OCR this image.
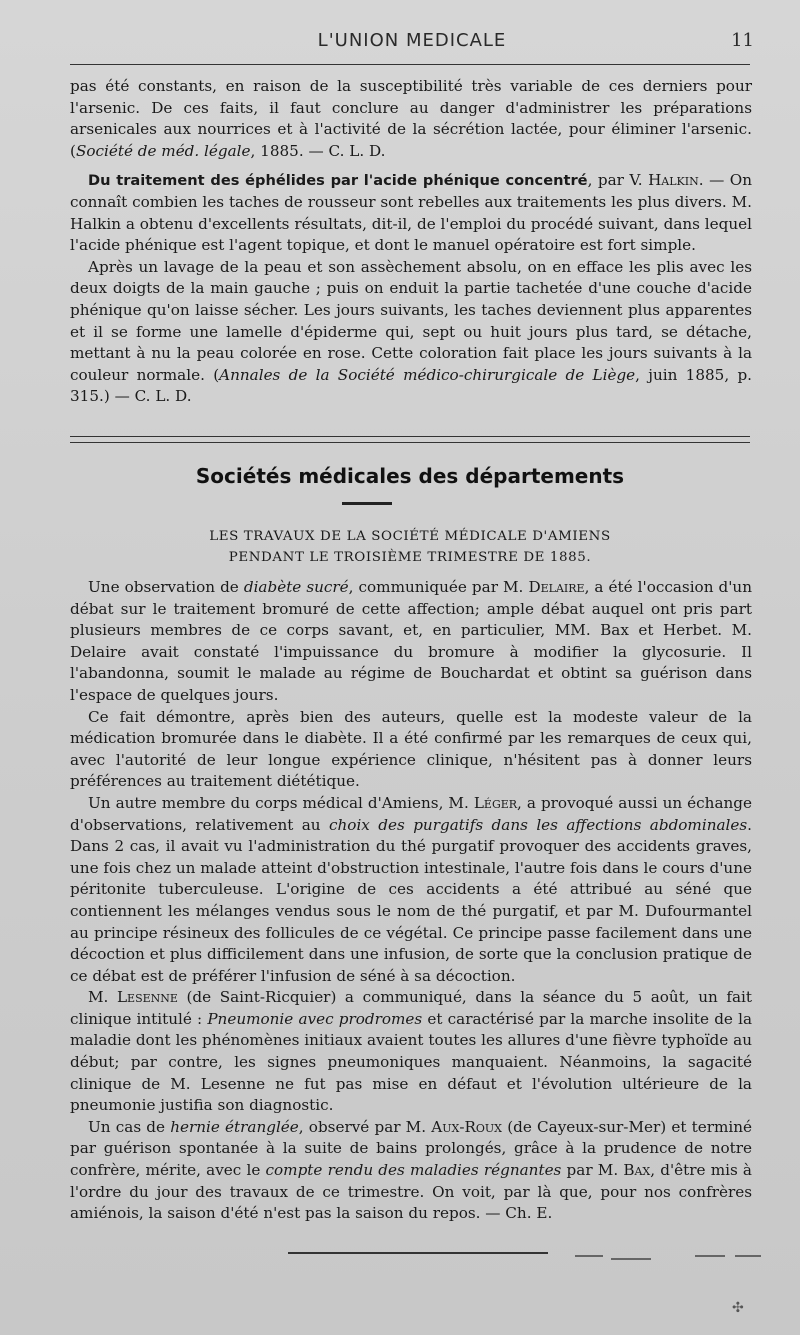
L'UNION MEDICALE	11

pas été constants, en raison de la susceptibilité très variable de ces derniers pour l'arsenic. De ces faits, il faut conclure au danger d'administrer les préparations arsenicales aux nourrices et à l'activité de la sécrétion lactée, pour éliminer l'arsenic. (Société de méd. légale, 1885. — C. L. D.

Du traitement des éphélides par l'acide phénique concentré, par V. Halkin. — On connaît combien les taches de rousseur sont rebelles aux traitements les plus divers. M. Halkin a obtenu d'excellents résultats, dit-il, de l'emploi du procédé suivant, dans lequel l'acide phénique est l'agent topique, et dont le manuel opératoire est fort simple.

Après un lavage de la peau et son assèchement absolu, on en efface les plis avec les deux doigts de la main gauche ; puis on enduit la partie tachetée d'une couche d'acide phénique qu'on laisse sécher. Les jours suivants, les taches deviennent plus apparentes et il se forme une lamelle d'épiderme qui, sept ou huit jours plus tard, se détache, mettant à nu la peau colorée en rose. Cette coloration fait place les jours suivants à la couleur normale. (Annales de la Société médico-chirurgicale de Liège, juin 1885, p. 315.) — C. L. D.

Sociétés médicales des départements
LES TRAVAUX DE LA SOCIÉTÉ MÉDICALE D'AMIENS
PENDANT LE TROISIÈME TRIMESTRE DE 1885.

Une observation de diabète sucré, communiquée par M. Delaire, a été l'occasion d'un débat sur le traitement bromuré de cette affection; ample débat auquel ont pris part plusieurs membres de ce corps savant, et, en particulier, MM. Bax et Herbet. M. Delaire avait constaté l'impuissance du bromure à modifier la glycosurie. Il l'abandonna, soumit le malade au régime de Bouchardat et obtint sa guérison dans l'espace de quelques jours.

Ce fait démontre, après bien des auteurs, quelle est la modeste valeur de la médication bromurée dans le diabète. Il a été confirmé par les remarques de ceux qui, avec l'autorité de leur longue expérience clinique, n'hésitent pas à donner leurs préférences au traitement diététique.

Un autre membre du corps médical d'Amiens, M. Léger, a provoqué aussi un échange d'observations, relativement au choix des purgatifs dans les affections abdominales. Dans 2 cas, il avait vu l'administration du thé purgatif provoquer des accidents graves, une fois chez un malade atteint d'obstruction intestinale, l'autre fois dans le cours d'une péritonite tuberculeuse. L'origine de ces accidents a été attribué au séné que contiennent les mélanges vendus sous le nom de thé purgatif, et par M. Dufourmantel au principe résineux des follicules de ce végétal. Ce principe passe facilement dans une décoction et plus difficilement dans une infusion, de sorte que la conclusion pratique de ce débat est de préférer l'infusion de séné à sa décoction.

M. Lesenne (de Saint-Ricquier) a communiqué, dans la séance du 5 août, un fait clinique intitulé : Pneumonie avec prodromes et caractérisé par la marche insolite de la maladie dont les phénomènes initiaux avaient toutes les allures d'une fièvre typhoïde au début; par contre, les signes pneumoniques manquaient. Néanmoins, la sagacité clinique de M. Lesenne ne fut pas mise en défaut et l'évolution ultérieure de la pneumonie justifia son diagnostic.

Un cas de hernie étranglée, observé par M. Aux-Roux (de Cayeux-sur-Mer) et terminé par guérison spontanée à la suite de bains prolongés, grâce à la prudence de notre confrère, mérite, avec le compte rendu des maladies régnantes par M. Bax, d'être mis à l'ordre du jour des travaux de ce trimestre. On voit, par là que, pour nos confrères amiénois, la saison d'été n'est pas la saison du repos. — Ch. E.

✣
